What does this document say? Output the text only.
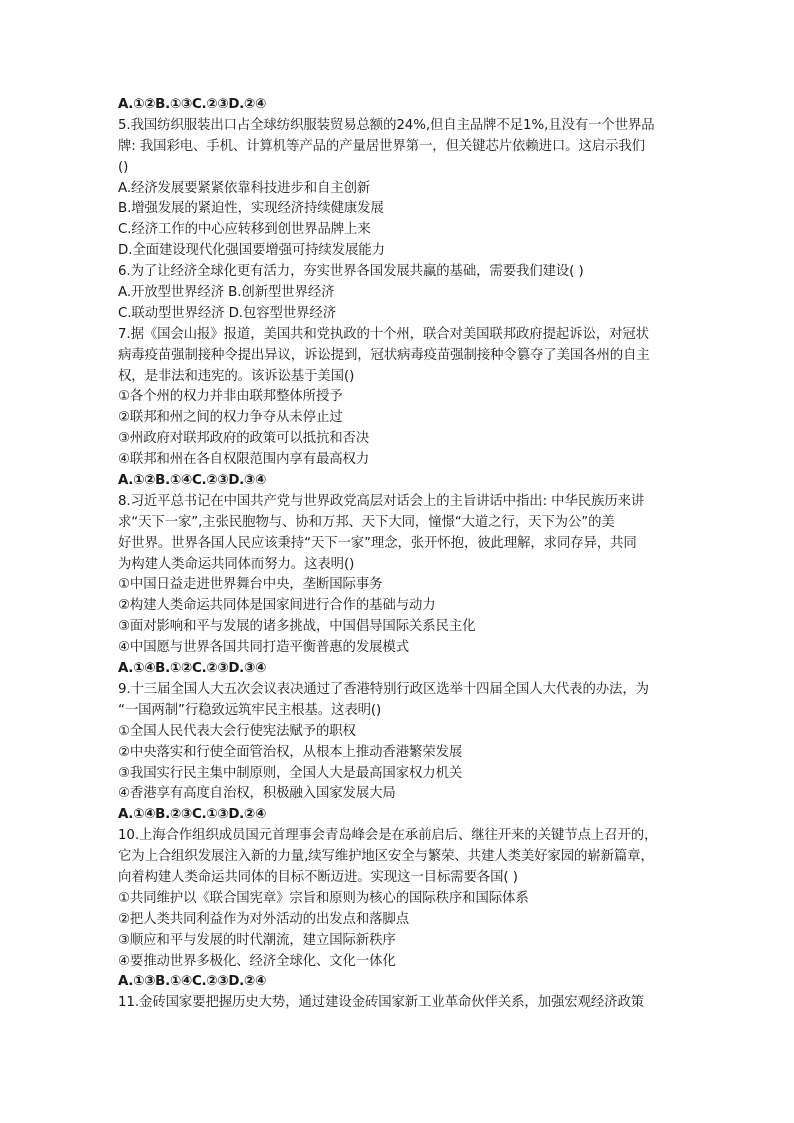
A.①②B.①③C.②③D.②④
5.我国纺织服装出口占全球纺织服装贸易总额的24%,但自主品牌不足1%,且没有一个世界品
牌: 我国彩电、手机、计算机等产品的产量居世界第一，但关键芯片依赖进口。这启示我们
()
A.经济发展要紧紧依靠科技进步和自主创新
B.增强发展的紧迫性，实现经济持续健康发展
C.经济工作的中心应转移到创世界品牌上来
D.全面建设现代化强国要增强可持续发展能力
6.为了让经济全球化更有活力，夯实世界各国发展共赢的基础，需要我们建设( )
A.开放型世界经济 B.创新型世界经济
C.联动型世界经济 D.包容型世界经济
7.据《国会山报》报道，美国共和党执政的十个州，联合对美国联邦政府提起诉讼，对冠状
病毒疫苗强制接种令提出异议，诉讼提到，冠状病毒疫苗强制接种令篡夺了美国各州的自主
权，是非法和违宪的。该诉讼基于美国()
①各个州的权力并非由联邦整体所授予
②联邦和州之间的权力争夺从未停止过
③州政府对联邦政府的政策可以抵抗和否决
④联邦和州在各自权限范围内享有最高权力
A.①②B.①④C.②③D.③④
8.习近平总书记在中国共产党与世界政党高层对话会上的主旨讲话中指出: 中华民族历来讲
求“天下一家”,主张民胞物与、协和万邦、天下大同，憧憬“大道之行，天下为公”的美
好世界。世界各国人民应该秉持“天下一家”理念，张开怀抱，彼此理解，求同存异，共同
为构建人类命运共同体而努力。这表明()
①中国日益走进世界舞台中央，垄断国际事务
②构建人类命运共同体是国家间进行合作的基础与动力
③面对影响和平与发展的诸多挑战，中国倡导国际关系民主化
④中国愿与世界各国共同打造平衡普惠的发展模式
A.①④B.①②C.②③D.③④
9.十三届全国人大五次会议表决通过了香港特别行政区选举十四届全国人大代表的办法，为
“一国两制”行稳致远筑牢民主根基。这表明()
①全国人民代表大会行使宪法赋予的职权
②中央落实和行使全面管治权，从根本上推动香港繁荣发展
③我国实行民主集中制原则，全国人大是最高国家权力机关
④香港享有高度自治权，积极融入国家发展大局
A.①④B.②③C.①③D.②④
10.上海合作组织成员国元首理事会青岛峰会是在承前启后、继往开来的关键节点上召开的，
它为上合组织发展注入新的力量,续写维护地区安全与繁荣、共建人类美好家园的崭新篇章，
向着构建人类命运共同体的目标不断迈进。实现这一目标需要各国( )
①共同维护以《联合国宪章》宗旨和原则为核心的国际秩序和国际体系
②把人类共同利益作为对外活动的出发点和落脚点
③顺应和平与发展的时代潮流，建立国际新秩序
④要推动世界多极化、经济全球化、文化一体化
A.①③B.①④C.②③D.②④
11.金砖国家要把握历史大势，通过建设金砖国家新工业革命伙伴关系，加强宏观经济政策
